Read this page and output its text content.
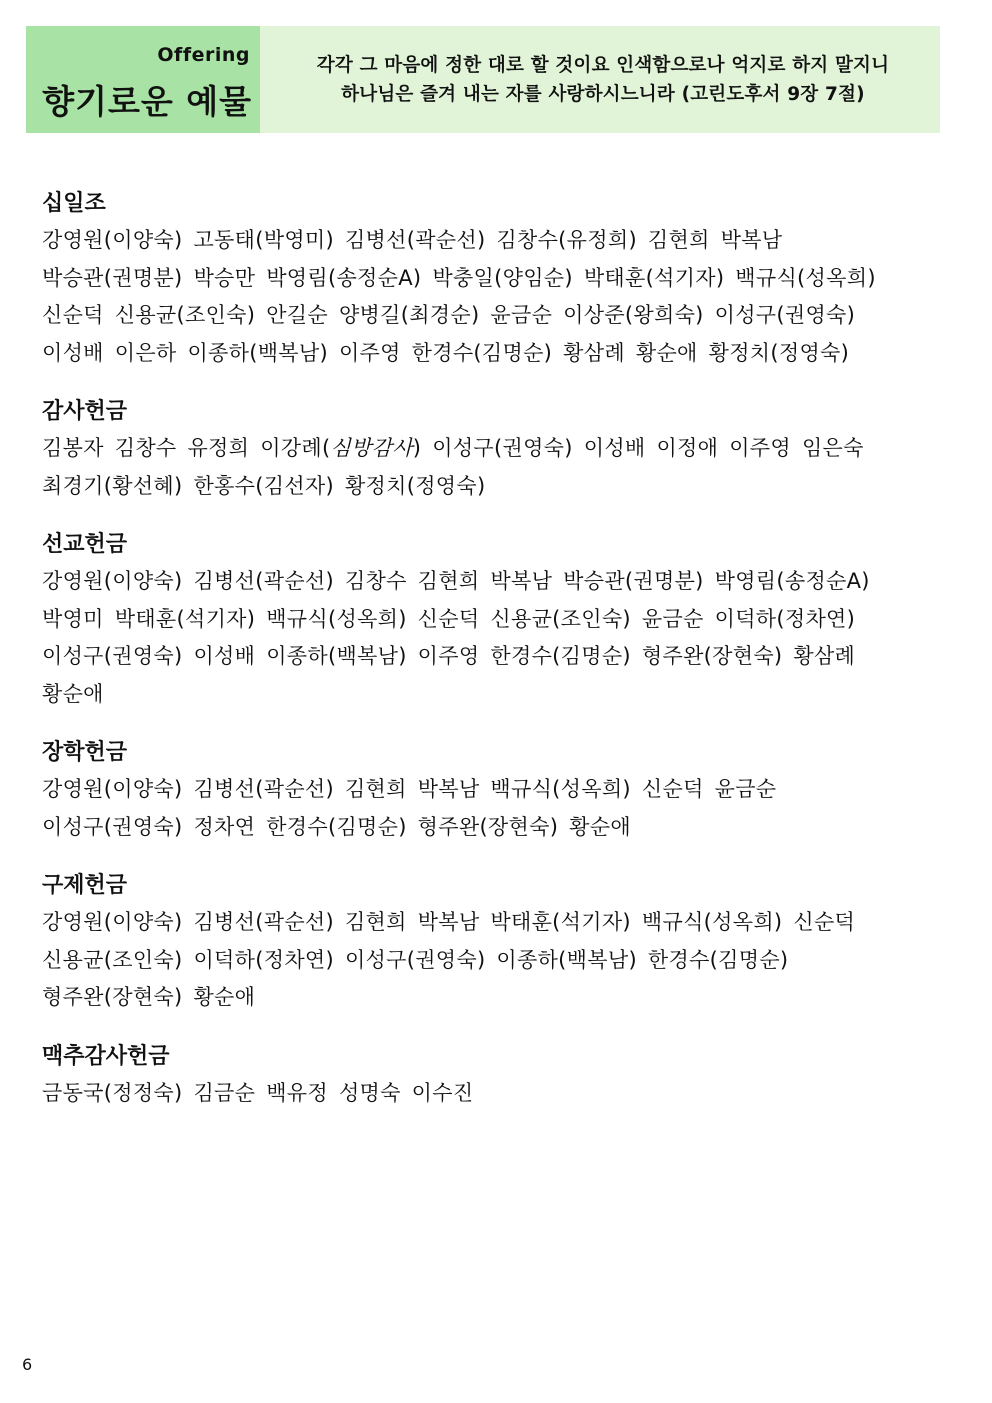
Offering
향기로운 예물
각각 그 마음에 정한 대로 할 것이요 인색함으로나 억지로 하지 말지니
하나님은 즐겨 내는 자를 사랑하시느니라 (고린도후서 9장 7절)
십일조
강영원(이양숙) 고동태(박영미) 김병선(곽순선) 김창수(유정희) 김현희 박복남
박승관(권명분) 박승만 박영림(송정순A) 박충일(양임순) 박태훈(석기자) 백규식(성옥희)
신순덕 신용균(조인숙) 안길순 양병길(최경순) 윤금순 이상준(왕희숙) 이성구(권영숙)
이성배 이은하 이종하(백복남) 이주영 한경수(김명순) 황삼례 황순애 황정치(정영숙)
감사헌금
김봉자 김창수 유정희 이강례(심방감사) 이성구(권영숙) 이성배 이정애 이주영 임은숙
최경기(황선혜) 한홍수(김선자) 황정치(정영숙)
선교헌금
강영원(이양숙) 김병선(곽순선) 김창수 김현희 박복남 박승관(권명분) 박영림(송정순A)
박영미 박태훈(석기자) 백규식(성옥희) 신순덕 신용균(조인숙) 윤금순 이덕하(정차연)
이성구(권영숙) 이성배 이종하(백복남) 이주영 한경수(김명순) 형주완(장현숙) 황삼례
황순애
장학헌금
강영원(이양숙) 김병선(곽순선) 김현희 박복남 백규식(성옥희) 신순덕 윤금순
이성구(권영숙) 정차연 한경수(김명순) 형주완(장현숙) 황순애
구제헌금
강영원(이양숙) 김병선(곽순선) 김현희 박복남 박태훈(석기자) 백규식(성옥희) 신순덕
신용균(조인숙) 이덕하(정차연) 이성구(권영숙) 이종하(백복남) 한경수(김명순)
형주완(장현숙) 황순애
맥추감사헌금
금동국(정정숙) 김금순 백유정 성명숙 이수진
6
